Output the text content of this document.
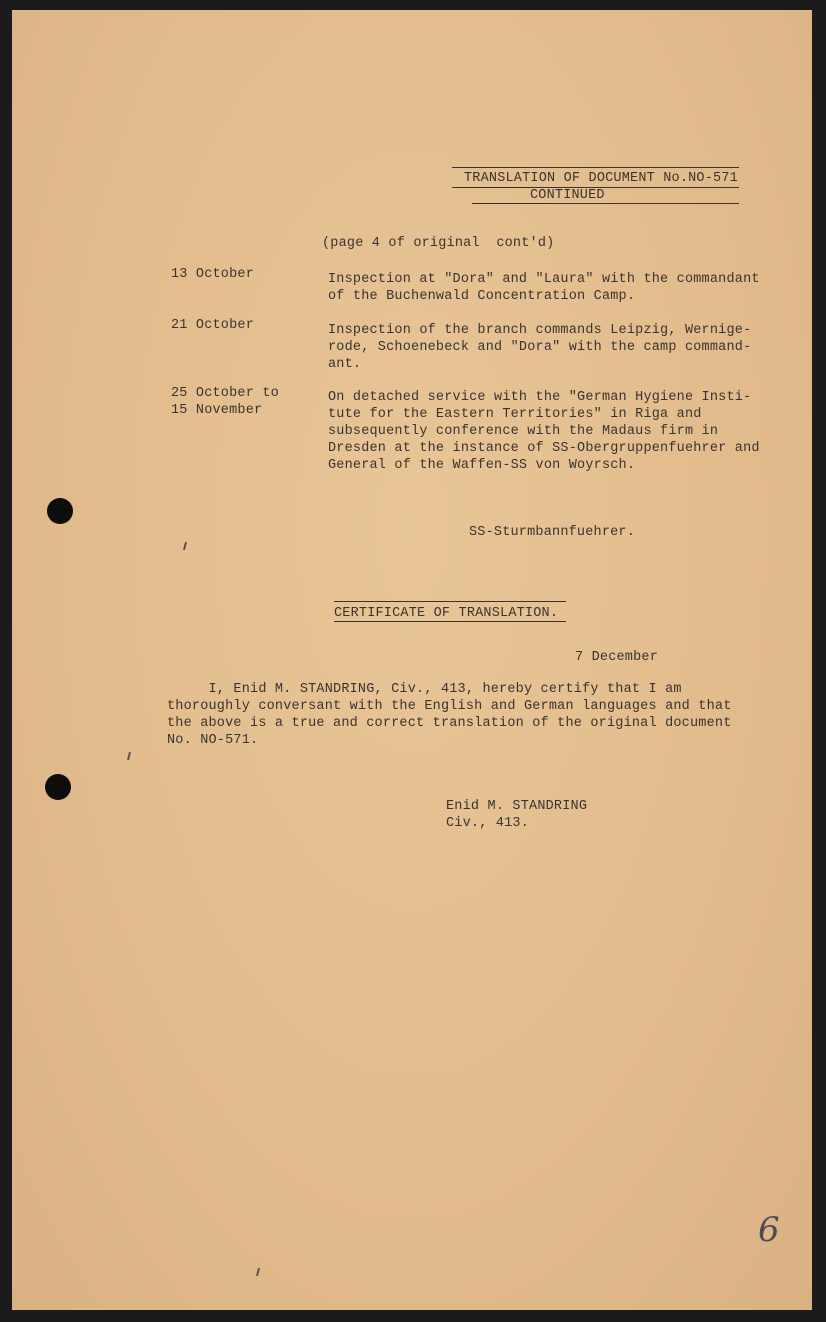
TRANSLATION OF DOCUMENT No.NO-571
CONTINUED
(page 4 of original  cont'd)
13 October	Inspection at "Dora" and "Laura" with the commandant
of the Buchenwald Concentration Camp.
21 October	Inspection of the branch commands Leipzig, Wernige-
rode, Schoenebeck and "Dora" with the camp command-
ant.
25 October to
15 November
On detached service with the "German Hygiene Insti-
tute for the Eastern Territories" in Riga and
subsequently conference with the Madaus firm in
Dresden at the instance of SS-Obergruppenfuehrer and
General of the Waffen-SS von Woyrsch.
SS-Sturmbannfuehrer.
CERTIFICATE OF TRANSLATION.
7 December
I, Enid M. STANDRING, Civ., 413, hereby certify that I am
thoroughly conversant with the English and German languages and that
the above is a true and correct translation of the original document
No. NO-571.
Enid M. STANDRING
Civ., 413.
6
